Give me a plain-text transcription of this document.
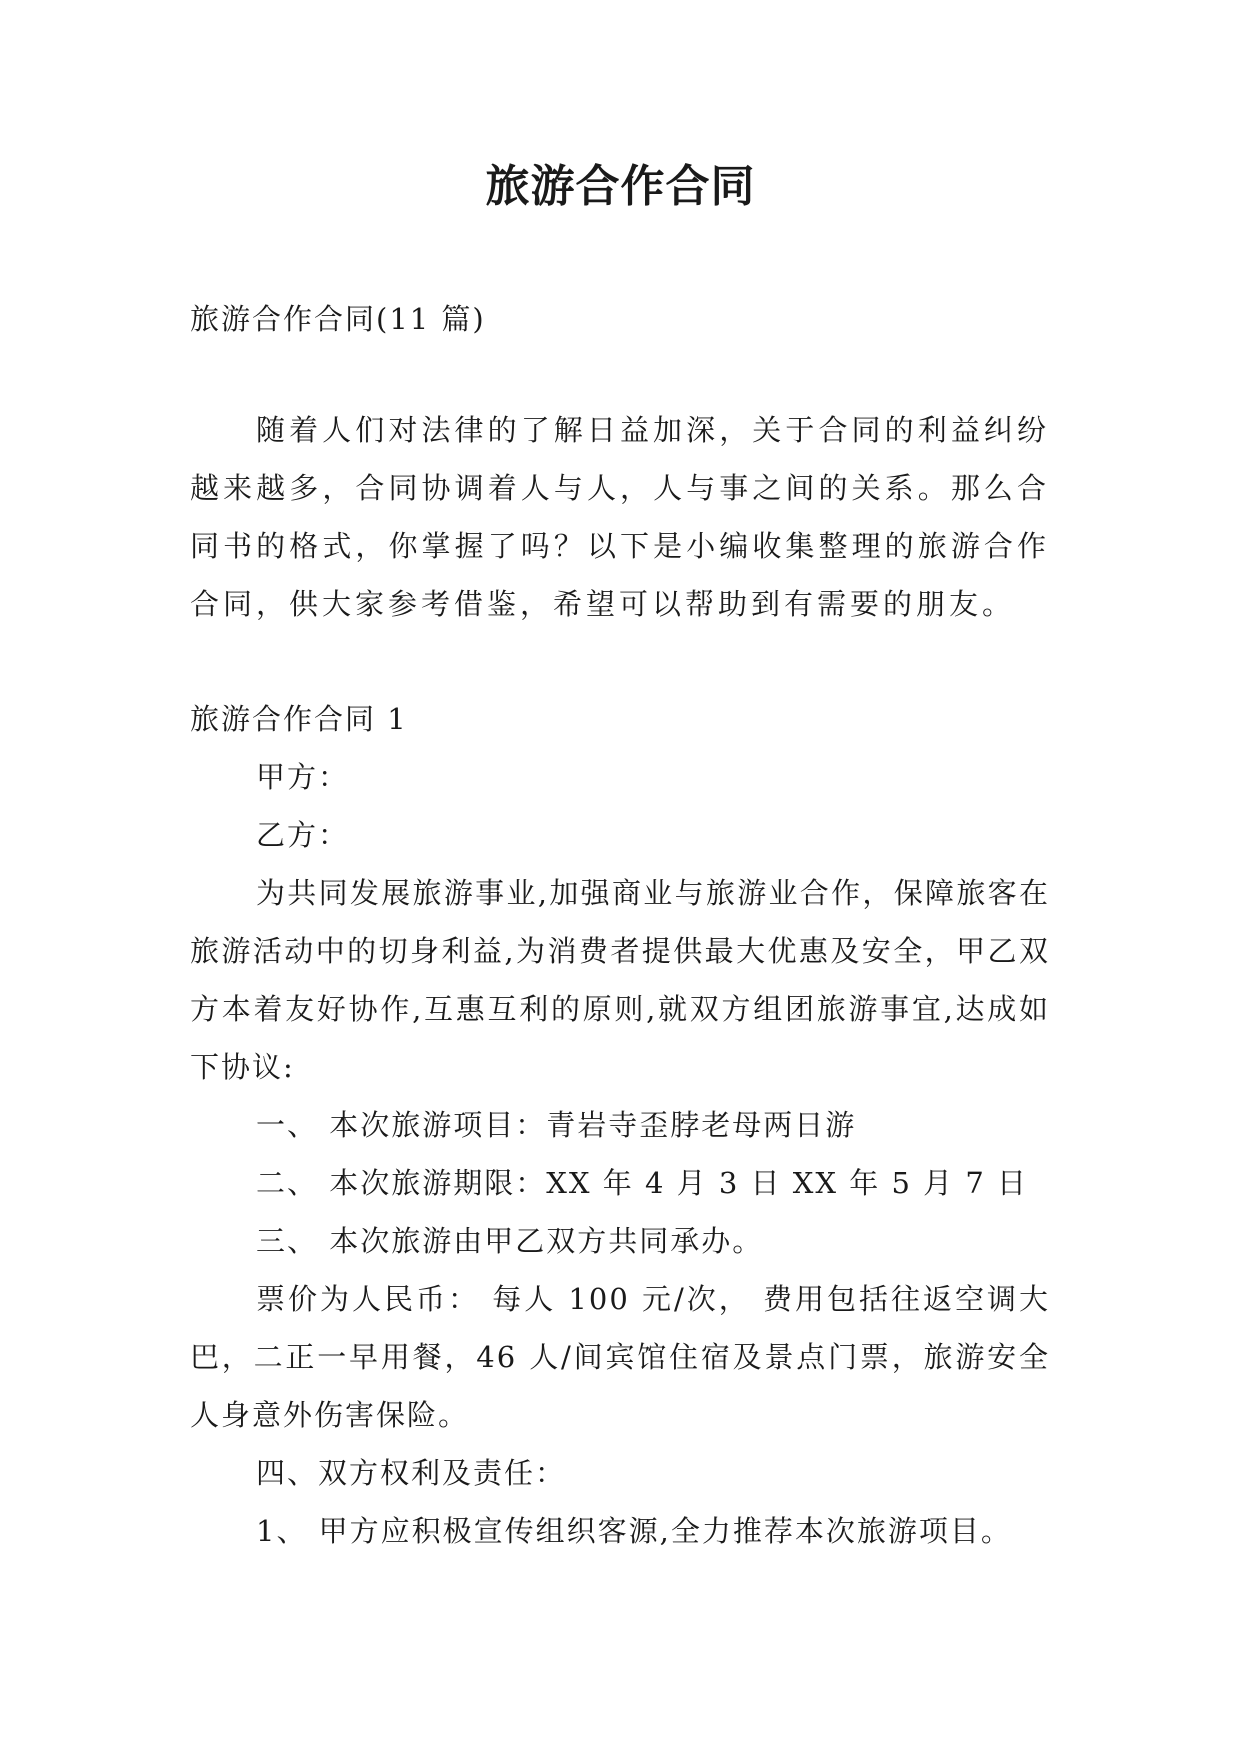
旅游合作合同

旅游合作合同(11 篇)

随着人们对法律的了解日益加深，关于合同的利益纠纷越来越多，合同协调着人与人，人与事之间的关系。那么合同书的格式，你掌握了吗？以下是小编收集整理的旅游合作合同，供大家参考借鉴，希望可以帮助到有需要的朋友。

旅游合作合同 1

甲方：

乙方：

为共同发展旅游事业,加强商业与旅游业合作，保障旅客在旅游活动中的切身利益,为消费者提供最大优惠及安全，甲乙双方本着友好协作,互惠互利的原则,就双方组团旅游事宜,达成如下协议:

一、 本次旅游项目：青岩寺歪脖老母两日游

二、 本次旅游期限：XX 年 4 月 3 日 XX 年 5 月 7 日

三、 本次旅游由甲乙双方共同承办。

票价为人民币： 每人 100 元/次， 费用包括往返空调大巴，二正一早用餐，46 人/间宾馆住宿及景点门票，旅游安全人身意外伤害保险。

四、双方权利及责任：

1、 甲方应积极宣传组织客源,全力推荐本次旅游项目。
